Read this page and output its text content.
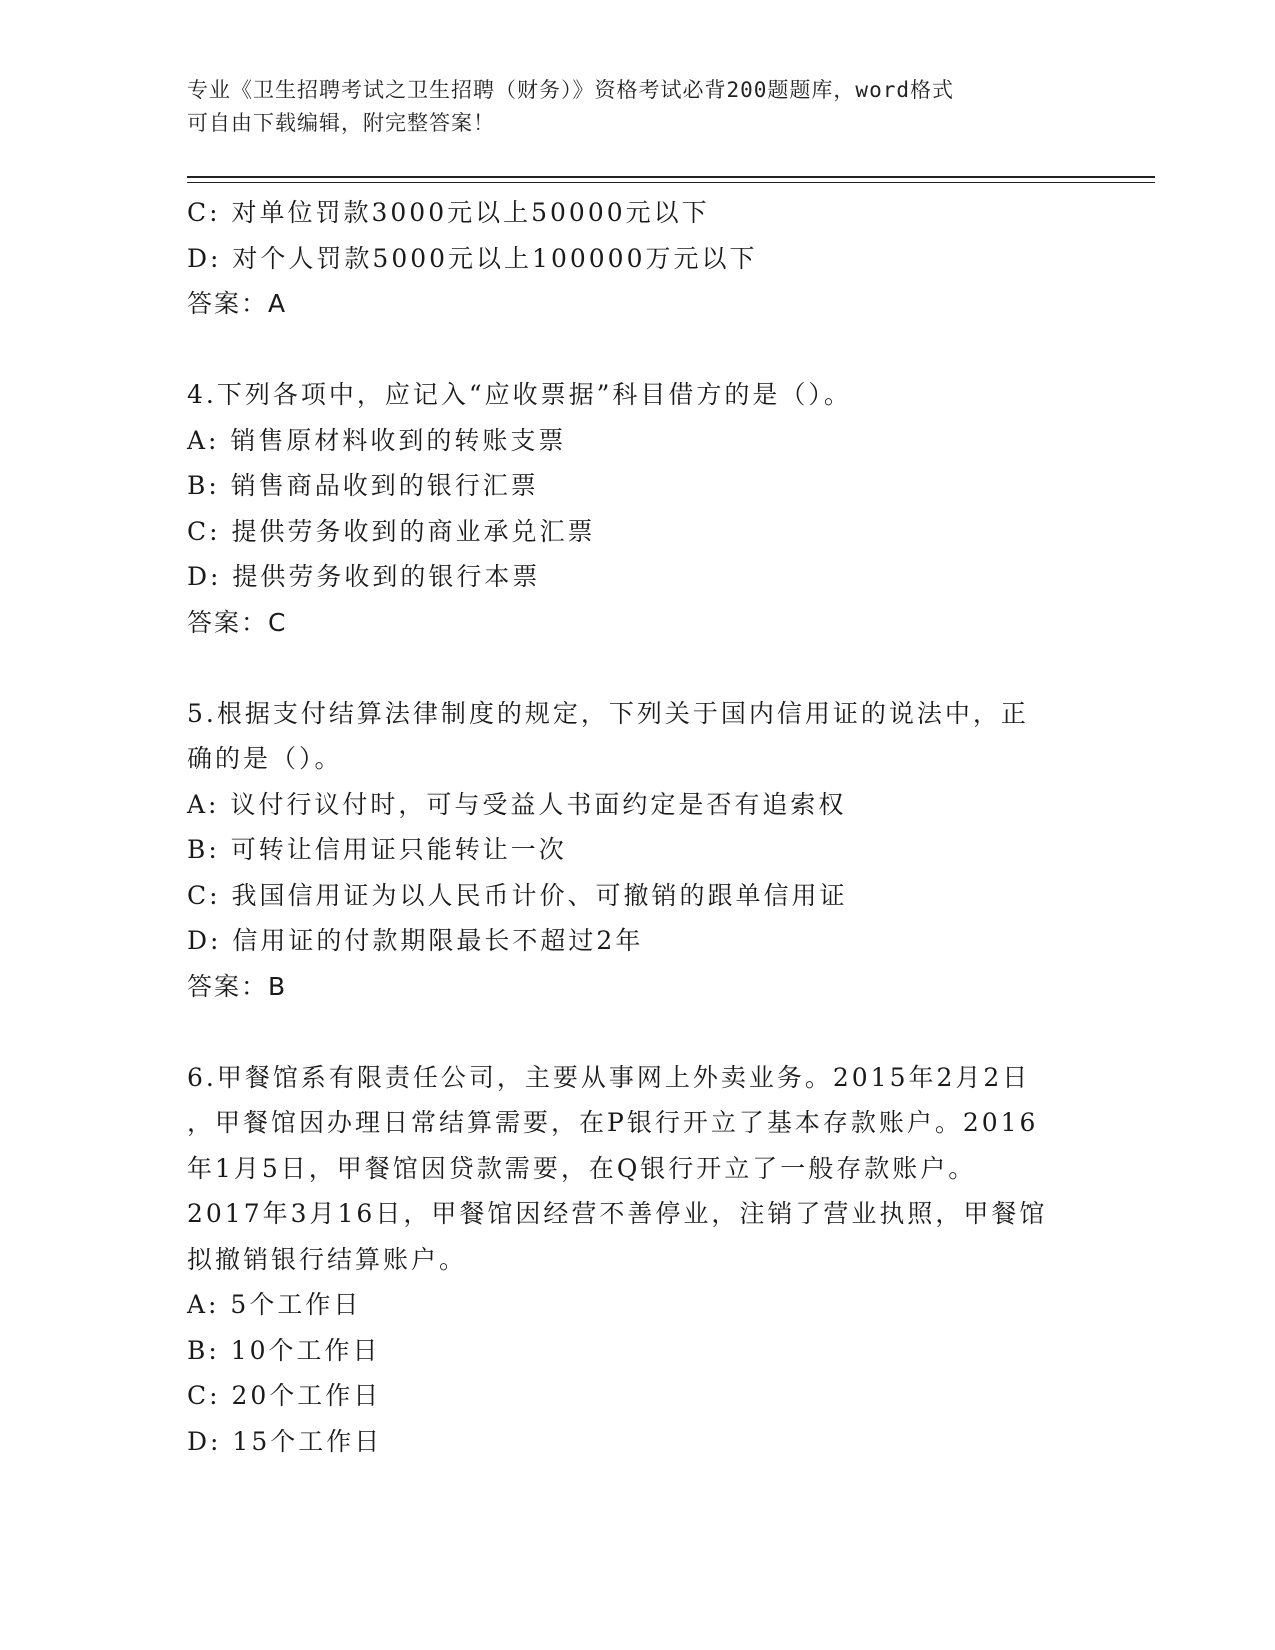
专业《卫生招聘考试之卫生招聘（财务）》资格考试必背200题题库，word格式
可自由下载编辑，附完整答案！
C: 对单位罚款3000元以上50000元以下
D: 对个人罚款5000元以上100000万元以下
答案：A
4.下列各项中，应记入“应收票据”科目借方的是（）。
A: 销售原材料收到的转账支票
B: 销售商品收到的银行汇票
C: 提供劳务收到的商业承兑汇票
D: 提供劳务收到的银行本票
答案：C
5.根据支付结算法律制度的规定，下列关于国内信用证的说法中，正
确的是（）。
A: 议付行议付时，可与受益人书面约定是否有追索权
B: 可转让信用证只能转让一次
C: 我国信用证为以人民币计价、可撤销的跟单信用证
D: 信用证的付款期限最长不超过2年
答案：B
6.甲餐馆系有限责任公司，主要从事网上外卖业务。2015年2月2日
，甲餐馆因办理日常结算需要，在P银行开立了基本存款账户。2016
年1月5日，甲餐馆因贷款需要，在Q银行开立了一般存款账户。
2017年3月16日，甲餐馆因经营不善停业，注销了营业执照，甲餐馆
拟撤销银行结算账户。
A: 5个工作日
B: 10个工作日
C: 20个工作日
D: 15个工作日
